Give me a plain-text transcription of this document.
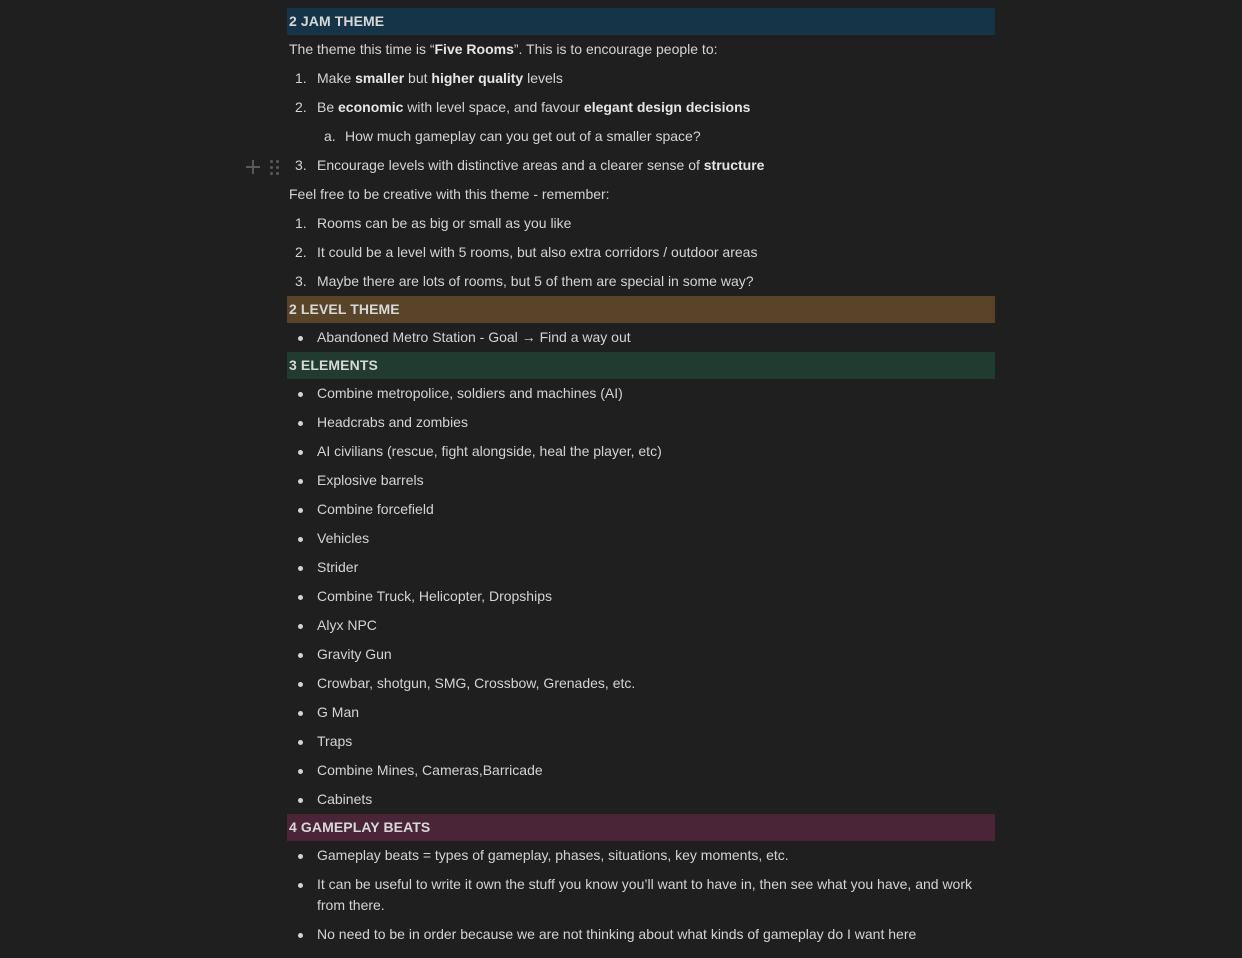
2 JAM THEME
The theme this time is “Five Rooms”. This is to encourage people to:
1. Make smaller but higher quality levels
2. Be economic with level space, and favour elegant design decisions
a. How much gameplay can you get out of a smaller space?
3. Encourage levels with distinctive areas and a clearer sense of structure
Feel free to be creative with this theme - remember:
1. Rooms can be as big or small as you like
2. It could be a level with 5 rooms, but also extra corridors / outdoor areas
3. Maybe there are lots of rooms, but 5 of them are special in some way?
2 LEVEL THEME
Abandoned Metro Station - Goal → Find a way out
3 ELEMENTS
Combine metropolice, soldiers and machines (AI)
Headcrabs and zombies
AI civilians (rescue, fight alongside, heal the player, etc)
Explosive barrels
Combine forcefield
Vehicles
Strider
Combine Truck, Helicopter, Dropships
Alyx NPC
Gravity Gun
Crowbar, shotgun, SMG, Crossbow, Grenades, etc.
G Man
Traps
Combine Mines, Cameras,Barricade
Cabinets
4 GAMEPLAY BEATS
Gameplay beats = types of gameplay, phases, situations, key moments, etc.
It can be useful to write it own the stuff you know you’ll want to have in, then see what you have, and work from there.
No need to be in order because we are not thinking about what kinds of gameplay do I want here
